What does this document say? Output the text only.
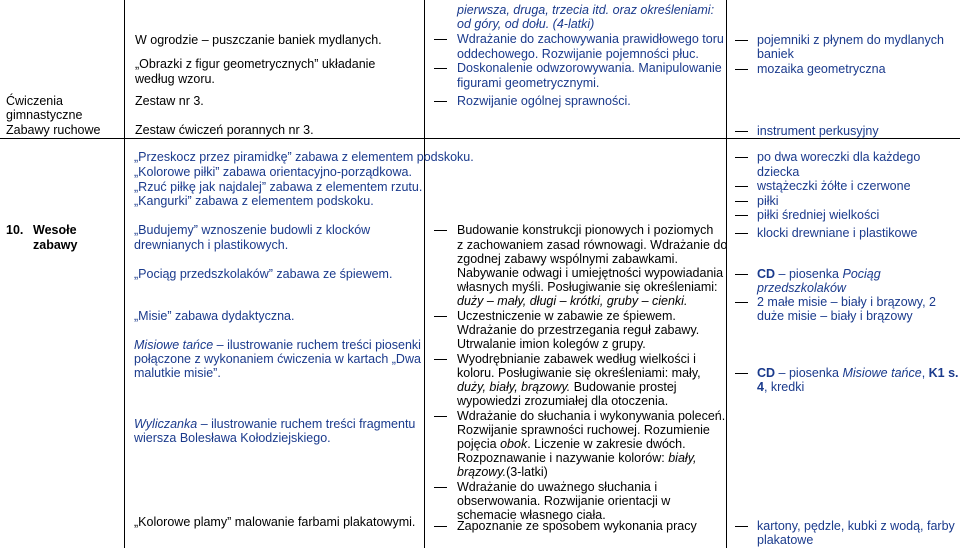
Ćwiczenia
gimnastyczne
Zabawy ruchowe
W ogrodzie – puszczanie baniek mydlanych.
„Obrazki z figur geometrycznych” układanie
według wzoru.
Zestaw nr 3.
Zestaw ćwiczeń porannych nr 3.
pierwsza, druga, trzecia itd. oraz określeniami:
od góry, od dołu. (4-latki)
Wdrażanie do zachowywania prawidłowego toru
oddechowego. Rozwijanie pojemności płuc.
Doskonalenie odwzorowywania. Manipulowanie
figurami geometrycznymi.
Rozwijanie ogólnej sprawności.
pojemniki z płynem do mydlanych
baniek
mozaika geometryczna
instrument perkusyjny
10. Wesołe
zabawy
„Przeskocz przez piramidkę” zabawa z elementem podskoku.
„Kolorowe piłki” zabawa orientacyjno-porządkowa.
„Rzuć piłkę jak najdalej” zabawa z elementem rzutu.
„Kangurki” zabawa z elementem podskoku.
„Budujemy” wznoszenie budowli z klocków
drewnianych i plastikowych.
„Pociąg przedszkolaków” zabawa ze śpiewem.
„Misie” zabawa dydaktyczna.
Misiowe tańce – ilustrowanie ruchem treści piosenki
połączone z wykonaniem ćwiczenia w kartach „Dwa
malutkie misie”.
Wyliczanka – ilustrowanie ruchem treści fragmentu
wiersza Bolesława Kołodziejskiego.
„Kolorowe plamy” malowanie farbami plakatowymi.
Budowanie konstrukcji pionowych i poziomych
z zachowaniem zasad równowagi. Wdrażanie do
zgodnej zabawy wspólnymi zabawkami.
Nabywanie odwagi i umiejętności wypowiadania
własnych myśli. Posługiwanie się określeniami:
duży – mały, długi – krótki, gruby – cienki.
Uczestniczenie w zabawie ze śpiewem.
Wdrażanie do przestrzegania reguł zabawy.
Utrwalanie imion kolegów z grupy.
Wyodrębnianie zabawek według wielkości i
koloru. Posługiwanie się określeniami: mały,
duży, biały, brązowy. Budowanie prostej
wypowiedzi zrozumiałej dla otoczenia.
Wdrażanie do słuchania i wykonywania poleceń.
Rozwijanie sprawności ruchowej. Rozumienie
pojęcia obok. Liczenie w zakresie dwóch.
Rozpoznawanie i nazywanie kolorów: biały,
brązowy.(3-latki)
Wdrażanie do uważnego słuchania i
obserwowania. Rozwijanie orientacji w
schemacie własnego ciała.
Zapoznanie ze sposobem wykonania pracy
po dwa woreczki dla każdego
dziecka
wstążeczki żółte i czerwone
piłki
piłki średniej wielkości
klocki drewniane i plastikowe
CD – piosenka Pociąg
przedszkolaków
2 małe misie – biały i brązowy, 2
duże misie – biały i brązowy
CD – piosenka Misiowe tańce, K1 s.
4, kredki
kartony, pędzle, kubki z wodą, farby
plakatowe
